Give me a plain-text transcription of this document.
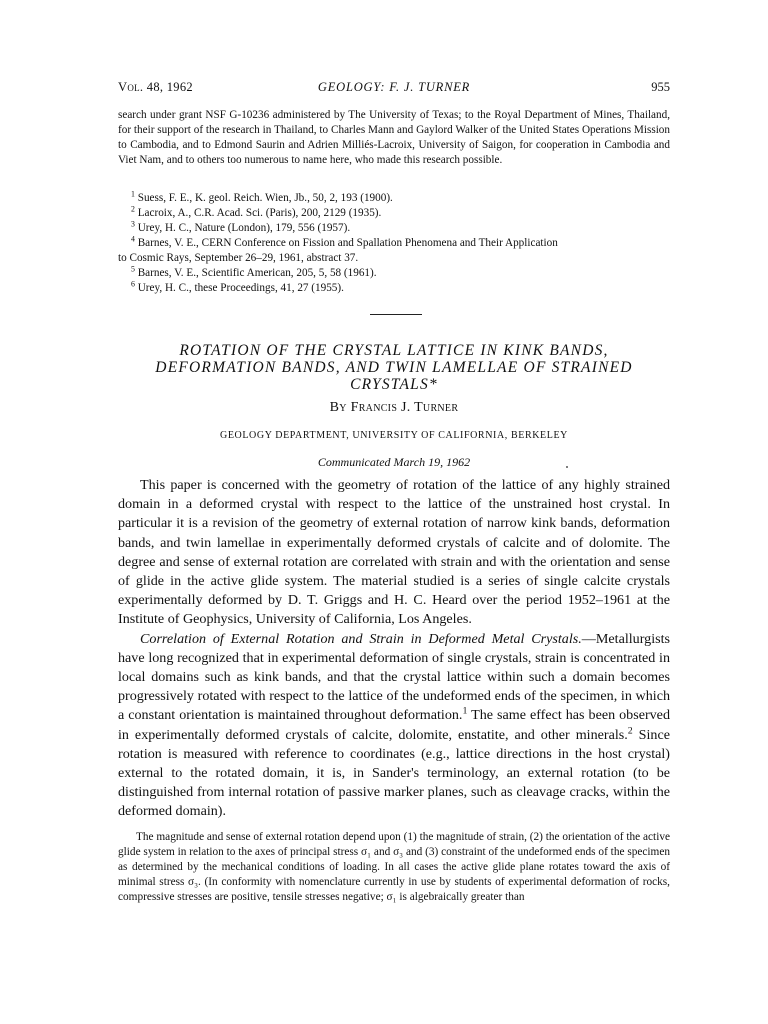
Vol. 48, 1962	GEOLOGY: F. J. TURNER	955
search under grant NSF G-10236 administered by The University of Texas; to the Royal Department of Mines, Thailand, for their support of the research in Thailand, to Charles Mann and Gaylord Walker of the United States Operations Mission to Cambodia, and to Edmond Saurin and Adrien Milliés-Lacroix, University of Saigon, for cooperation in Cambodia and Viet Nam, and to others too numerous to name here, who made this research possible.

$^1$ Suess, F. E., K. geol. Reich. Wien, Jb., 50, 2, 193 (1900).

$^2$ Lacroix, A., C.R. Acad. Sci. (Paris), 200, 2129 (1935).

$^3$ Urey, H. C., Nature (London), 179, 556 (1957).

$^4$ Barnes, V. E., CERN Conference on Fission and Spallation Phenomena and Their Application

to Cosmic Rays, September 26–29, 1961, abstract 37.

$^5$ Barnes, V. E., Scientific American, 205, 5, 58 (1961).

$^6$ Urey, H. C., these Proceedings, 41, 27 (1955).

ROTATION OF THE CRYSTAL LATTICE IN KINK BANDS,
DEFORMATION BANDS, AND TWIN LAMELLAE OF STRAINED
CRYSTALS*
By Francis J. Turner
GEOLOGY DEPARTMENT, UNIVERSITY OF CALIFORNIA, BERKELEY
Communicated March 19, 1962

This paper is concerned with the geometry of rotation of the lattice of any highly strained domain in a deformed crystal with respect to the lattice of the unstrained host crystal. In particular it is a revision of the geometry of external rotation of narrow kink bands, deformation bands, and twin lamellae in experimentally deformed crystals of calcite and of dolomite. The degree and sense of external rotation are correlated with strain and with the orientation and sense of glide in the active glide system. The material studied is a series of single calcite crystals experimentally deformed by D. T. Griggs and H. C. Heard over the period 1952–1961 at the Institute of Geophysics, University of California, Los Angeles.

Correlation of External Rotation and Strain in Deformed Metal Crystals.—Metallurgists have long recognized that in experimental deformation of single crystals, strain is concentrated in local domains such as kink bands, and that the crystal lattice within such a domain becomes progressively rotated with respect to the lattice of the undeformed ends of the specimen, in which a constant orientation is maintained throughout deformation.$^1$ The same effect has been observed in experimentally deformed crystals of calcite, dolomite, enstatite, and other minerals.$^2$ Since rotation is measured with reference to coordinates (e.g., lattice directions in the host crystal) external to the rotated domain, it is, in Sander's terminology, an external rotation (to be distinguished from internal rotation of passive marker planes, such as cleavage cracks, within the deformed domain).

The magnitude and sense of external rotation depend upon (1) the magnitude of strain, (2) the orientation of the active glide system in relation to the axes of principal stress σ₁ and σ₃ and (3) constraint of the undeformed ends of the specimen as determined by the mechanical conditions of loading. In all cases the active glide plane rotates toward the axis of minimal stress σ₃. (In conformity with nomenclature currently in use by students of experimental deformation of rocks, compressive stresses are positive, tensile stresses negative; σ₁ is algebraically greater than
